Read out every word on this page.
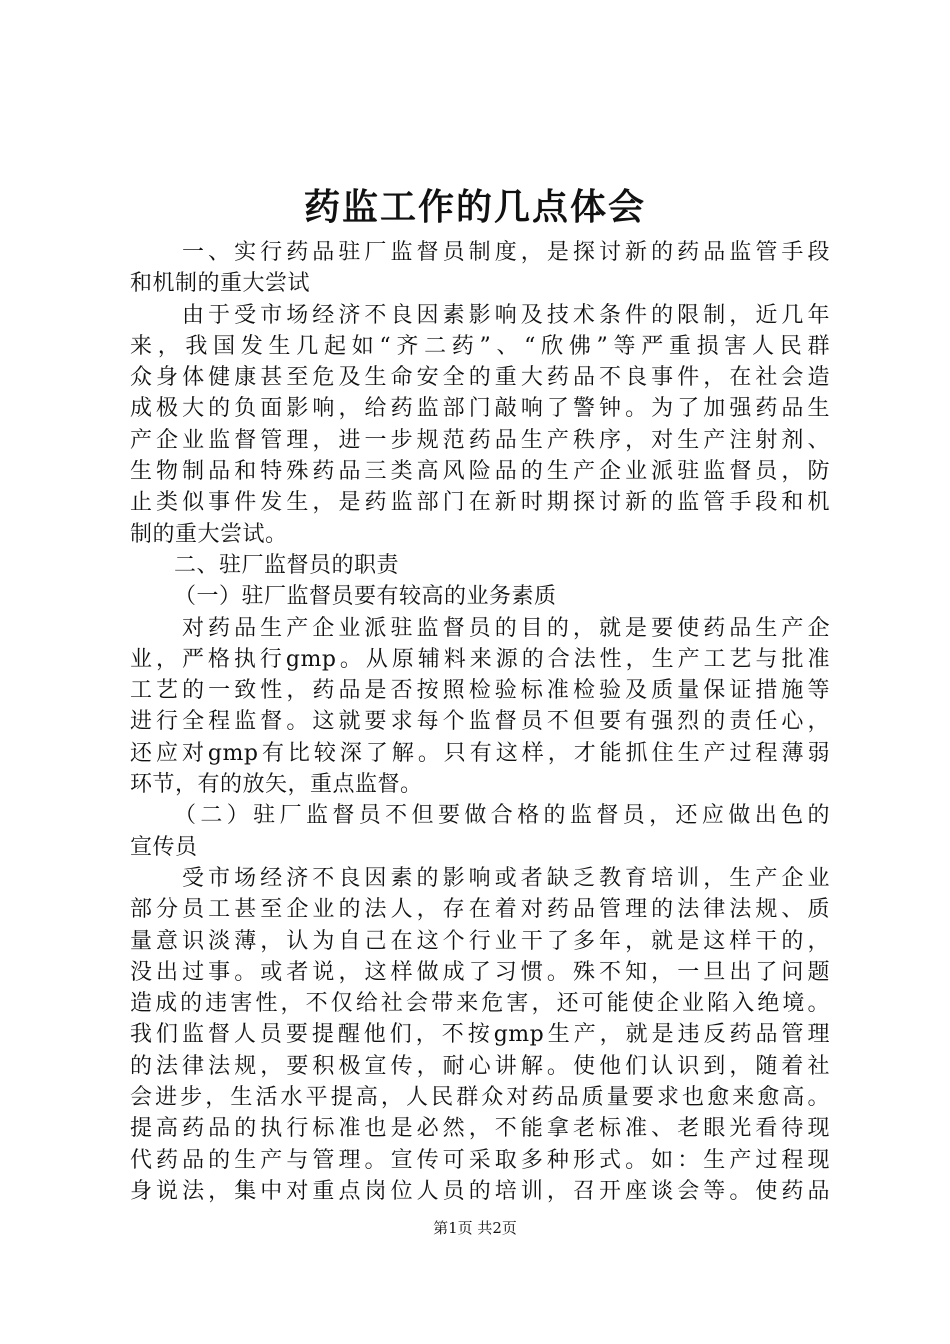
药监工作的几点体会
一、实行药品驻厂监督员制度，是探讨新的药品监管手段
和机制的重大尝试
由于受市场经济不良因素影响及技术条件的限制，近几年
来，我国发生几起如“齐二药”、“欣佛”等严重损害人民群
众身体健康甚至危及生命安全的重大药品不良事件，在社会造
成极大的负面影响，给药监部门敲响了警钟。为了加强药品生
产企业监督管理，进一步规范药品生产秩序，对生产注射剂、
生物制品和特殊药品三类高风险品的生产企业派驻监督员，防
止类似事件发生，是药监部门在新时期探讨新的监管手段和机
制的重大尝试。
二、驻厂监督员的职责
（一）驻厂监督员要有较高的业务素质
对药品生产企业派驻监督员的目的，就是要使药品生产企
业，严格执行gmp。从原辅料来源的合法性，生产工艺与批准
工艺的一致性，药品是否按照检验标准检验及质量保证措施等
进行全程监督。这就要求每个监督员不但要有强烈的责任心，
还应对gmp有比较深了解。只有这样，才能抓住生产过程薄弱
环节，有的放矢，重点监督。
（二）驻厂监督员不但要做合格的监督员，还应做出色的
宣传员
受市场经济不良因素的影响或者缺乏教育培训，生产企业
部分员工甚至企业的法人，存在着对药品管理的法律法规、质
量意识淡薄，认为自己在这个行业干了多年，就是这样干的，
没出过事。或者说，这样做成了习惯。殊不知，一旦出了问题
造成的违害性，不仅给社会带来危害，还可能使企业陷入绝境。
我们监督人员要提醒他们，不按gmp生产，就是违反药品管理
的法律法规，要积极宣传，耐心讲解。使他们认识到，随着社
会进步，生活水平提高，人民群众对药品质量要求也愈来愈高。
提高药品的执行标准也是必然，不能拿老标准、老眼光看待现
代药品的生产与管理。宣传可采取多种形式。如：生产过程现
身说法，集中对重点岗位人员的培训，召开座谈会等。使药品
第1页 共2页
